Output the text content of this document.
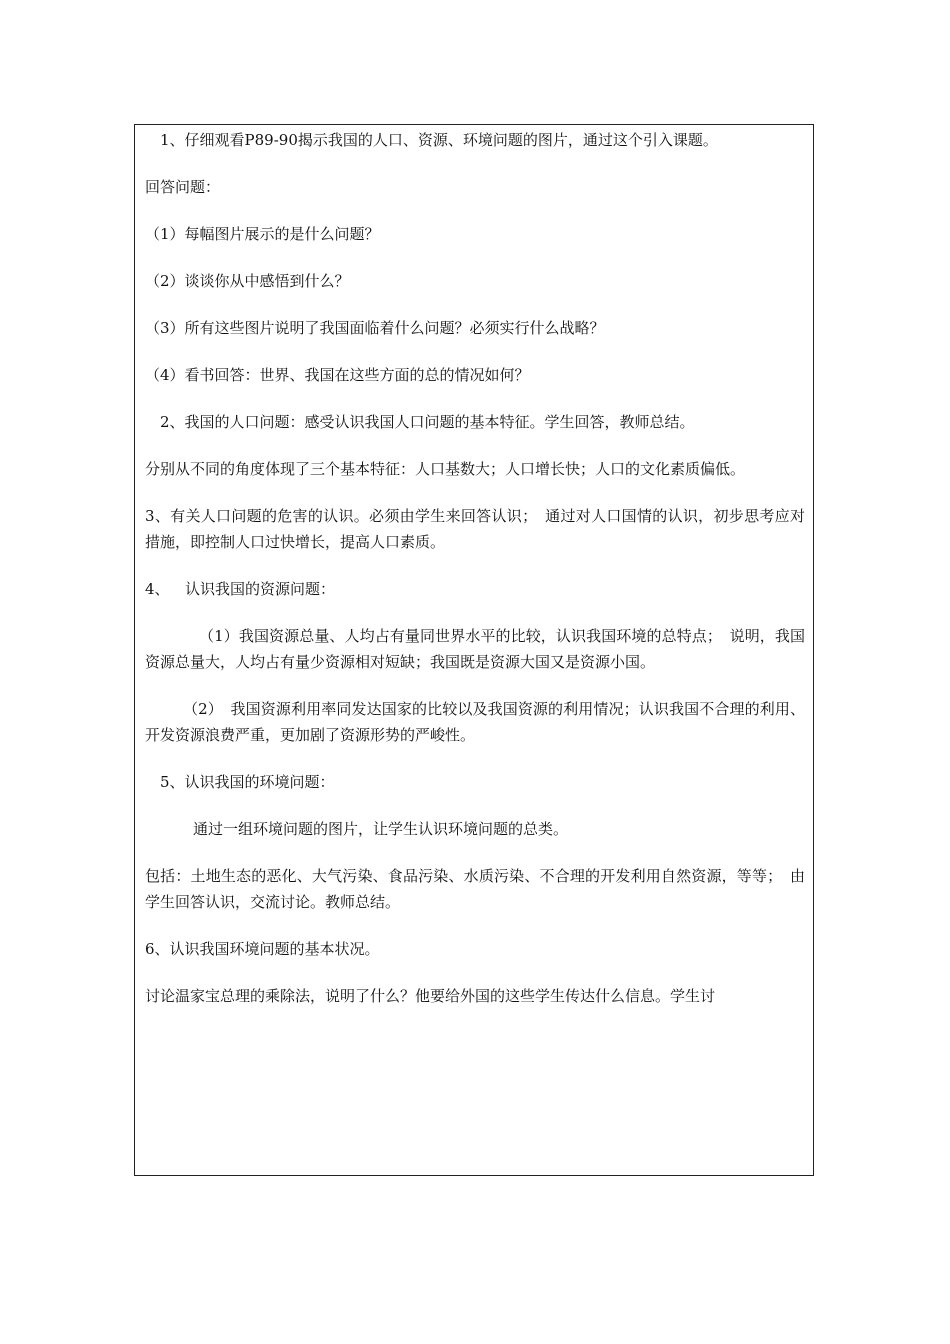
1、仔细观看P89-90揭示我国的人口、资源、环境问题的图片，通过这个引入课题。

回答问题：

（1）每幅图片展示的是什么问题？

（2）谈谈你从中感悟到什么？

（3）所有这些图片说明了我国面临着什么问题？必须实行什么战略？

（4）看书回答：世界、我国在这些方面的总的情况如何？

2、我国的人口问题：感受认识我国人口问题的基本特征。学生回答，教师总结。

分别从不同的角度体现了三个基本特征：人口基数大；人口增长快；人口的文化素质偏低。

3、有关人口问题的危害的认识。必须由学生来回答认识；　通过对人口国情的认识，初步思考应对措施，即控制人口过快增长，提高人口素质。

4、 认识我国的资源问题：

（1）我国资源总量、人均占有量同世界水平的比较，认识我国环境的总特点；　说明，我国资源总量大，人均占有量少资源相对短缺；我国既是资源大国又是资源小国。

（2）　我国资源利用率同发达国家的比较以及我国资源的利用情况；认识我国不合理的利用、开发资源浪费严重，更加剧了资源形势的严峻性。

5、认识我国的环境问题：

通过一组环境问题的图片，让学生认识环境问题的总类。

包括：土地生态的恶化、大气污染、食品污染、水质污染、不合理的开发利用自然资源，等等；　由学生回答认识，交流讨论。教师总结。

6、认识我国环境问题的基本状况。

讨论温家宝总理的乘除法，说明了什么？他要给外国的这些学生传达什么信息。学生讨
